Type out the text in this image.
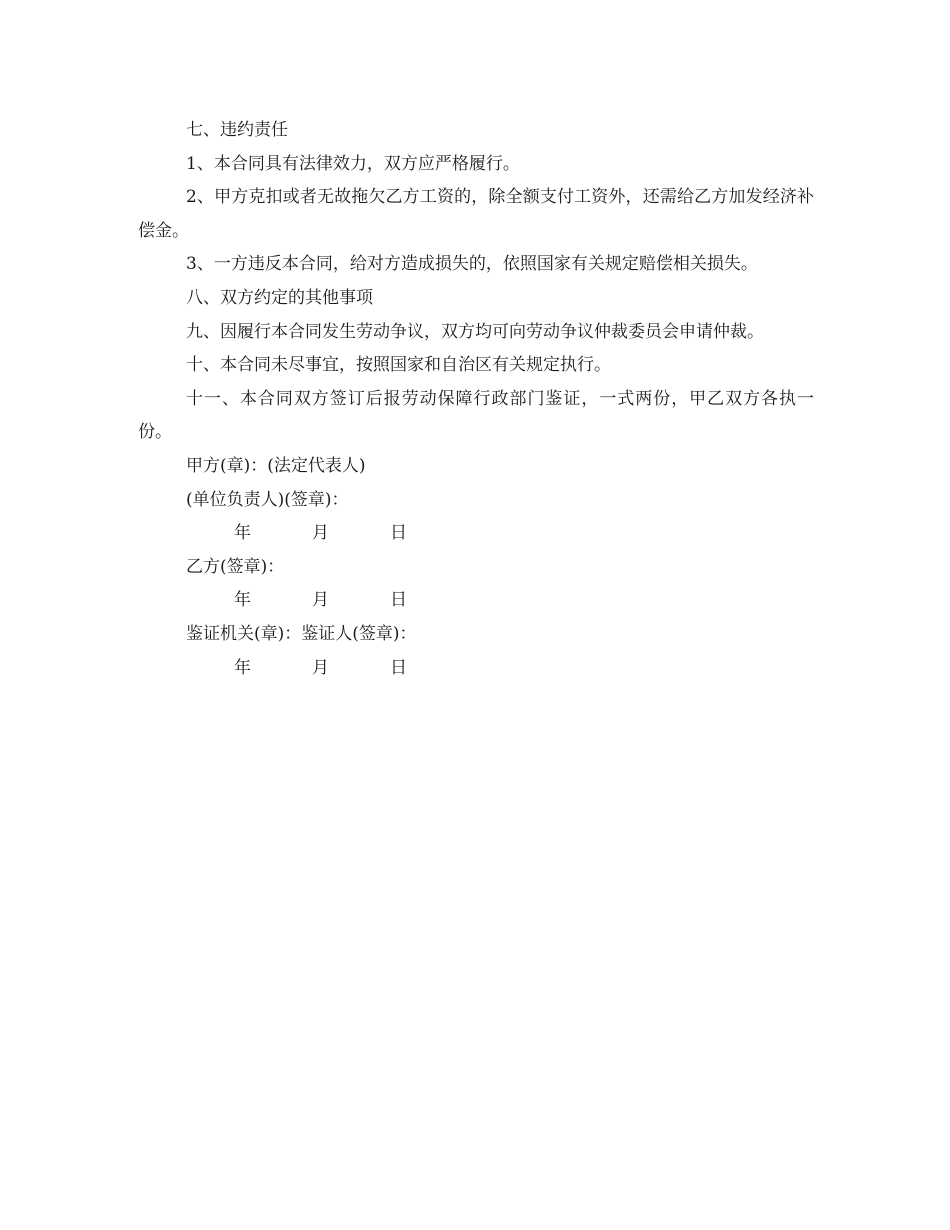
七、违约责任

1、本合同具有法律效力，双方应严格履行。

2、甲方克扣或者无故拖欠乙方工资的，除全额支付工资外，还需给乙方加发经济补偿金。

3、一方违反本合同，给对方造成损失的，依照国家有关规定赔偿相关损失。

八、双方约定的其他事项

九、因履行本合同发生劳动争议，双方均可向劳动争议仲裁委员会申请仲裁。

十、本合同未尽事宜，按照国家和自治区有关规定执行。

十一、本合同双方签订后报劳动保障行政部门鉴证，一式两份，甲乙双方各执一份。

甲方(章)：(法定代表人)

(单位负责人)(签章)：

年	月	日

乙方(签章)：

年	月	日

鉴证机关(章)：鉴证人(签章)：

年	月	日
